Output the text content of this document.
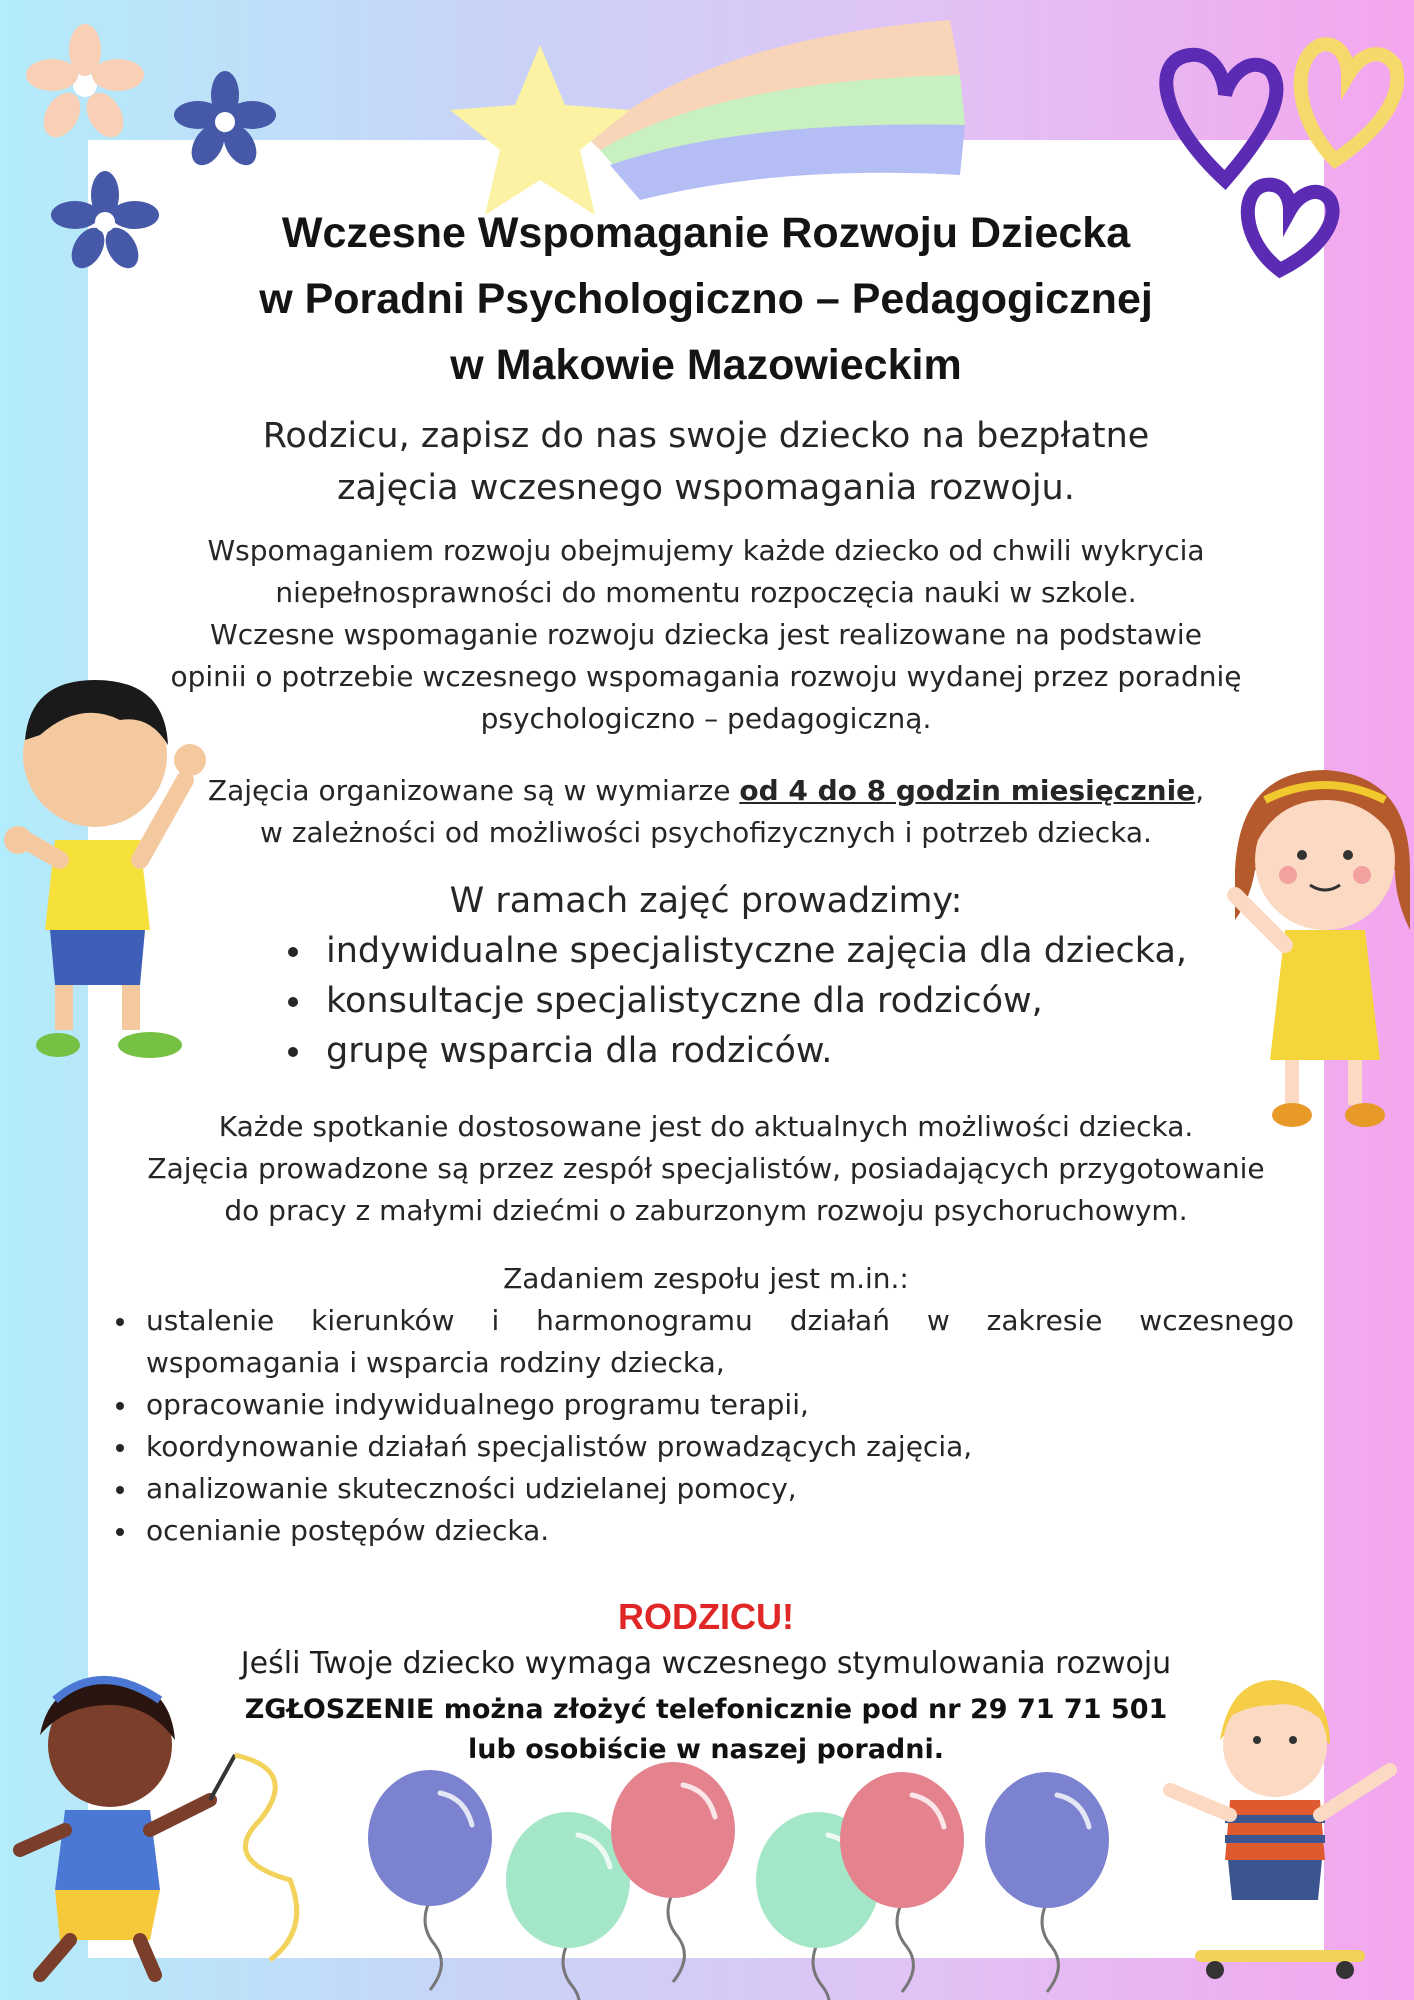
Wczesne Wspomaganie Rozwoju Dziecka
w Poradni Psychologiczno – Pedagogicznej
w Makowie Mazowieckim
Rodzicu, zapisz do nas swoje dziecko na bezpłatne
zajęcia wczesnego wspomagania rozwoju.
Wspomaganiem rozwoju obejmujemy każde dziecko od chwili wykrycia
niepełnosprawności do momentu rozpoczęcia nauki w szkole.
Wczesne wspomaganie rozwoju dziecka jest realizowane na podstawie
opinii o potrzebie wczesnego wspomagania rozwoju wydanej przez poradnię
psychologiczno – pedagogiczną.
Zajęcia organizowane są w wymiarze od 4 do 8 godzin miesięcznie,
w zależności od możliwości psychofizycznych i potrzeb dziecka.
W ramach zajęć prowadzimy:
indywidualne specjalistyczne zajęcia dla dziecka,
konsultacje specjalistyczne dla rodziców,
grupę wsparcia dla rodziców.
Każde spotkanie dostosowane jest do aktualnych możliwości dziecka.
Zajęcia prowadzone są przez zespół specjalistów, posiadających przygotowanie
do pracy z małymi dziećmi o zaburzonym rozwoju psychoruchowym.
Zadaniem zespołu jest m.in.:
ustalenie kierunków i harmonogramu działań w zakresie wczesnego wspomagania i wsparcia rodziny dziecka,
opracowanie indywidualnego programu terapii,
koordynowanie działań specjalistów prowadzących zajęcia,
analizowanie skuteczności udzielanej pomocy,
ocenianie postępów dziecka.
RODZICU!
Jeśli Twoje dziecko wymaga wczesnego stymulowania rozwoju
ZGŁOSZENIE można złożyć telefonicznie pod nr 29 71 71 501
lub osobiście w naszej poradni.
